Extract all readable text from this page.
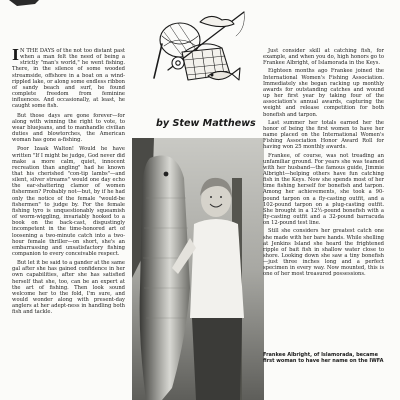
I N THE DAYS of the not too distant past when a man felt the need of being a strictly "man's world," he went fishing. There, in the silence of some wooded streamside, offshore in a boat on a wind-rippled lake, or along some endless ribbon of sandy beach and surf, he found complete freedom from feminine influences. And occasionally, at least, he caught some fish.

But those days are gone forever—for along with winning the right to vote, to wear bluejeans, and to manhandle civilian duties and blowtorches, the American woman has gone a-fishing.

Poor Izaak Walton! Would he have written "If I might be judge, God never did make a more calm, quiet, innocent recreation than angling" had he known that his cherished "con-tip lambs"—and silent, silver streams" would one day echo the ear-shattering clamor of women fishermen? Probably not—but, by if he had only the notice of the female "would-be fishermen" to judge by. For the female fishing tyro is unquestionably squeamish of worm-wiggling, invariably hooked to a book on the back-cast, disgustingly incompetent in the time-honored art of loosening a two-minute catch into a two-hour female thriller—on short, she's an embarrassing and unsatisfactory fishing companion to every conceivable respect.

But let it be said to a gander at the same gal after she has gained confidence in her own capabilities, after she has satisfied herself that she, too, can be an expert at the art of fishing. Then look sound welcome her to the fold, I'm sure, and would wonder along with present-day anglers at her adept-ness in handling both fish and tackle.

by Stew Matthews

Just consider skill at catching fish, for example, and when you do, high honors go to Frankee Albright, of Islamorada in the Keys.

Eighteen months ago Frankee joined the International Women's Fishing Association. Immediately she began racking up monthly awards for outstanding catches and wound up her first year by taking four of the association's annual awards, capturing the weight and release competition for both bonefish and tarpon.

Last summer her totals earned her the honor of being the first women to have her name placed on the International Women's Fishing Association Honor Award Roll for having won 25 monthly awards.

Frankee, of course, was not treading an unfamiliar ground. For years she was teamed with her husband—the famous guide, Jimmie Albright—helping others have fun catching fish in the Keys. Now she spends most of her time fishing herself for bonefish and tarpon. Among her achievements, she took a 90-pound tarpon on a fly-casting outfit, and a 102-pound tarpon on a plug-casting outfit. She brought in a 12½-pound bonefish with a fly-casting outfit and a 32-pound barracuda on 12-pound test line.

Still she considers her greatest catch one she made with her bare hands. While shelling at Jenkins Island she heard the frightened ripple of bait fish in shallow water close to shore. Looking down she saw a tiny bonefish—just three inches long and a perfect specimen in every way. Now mounted, this is one of her most treasured possessions.

Frankee Albright, of Islamorada, became first woman to have her name on the IWFA
